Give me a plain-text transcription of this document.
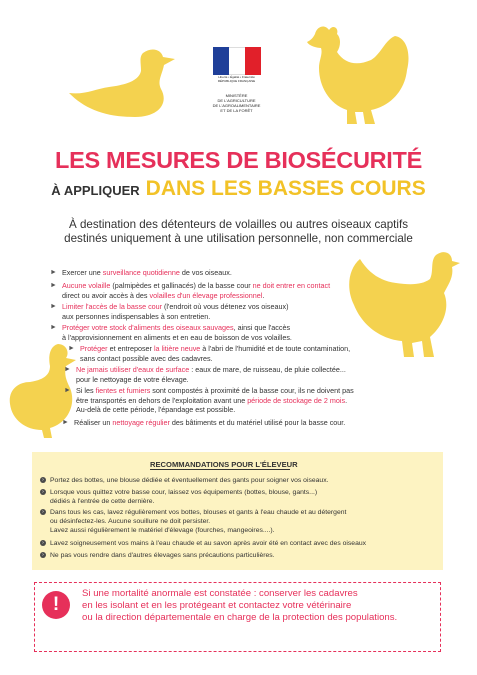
Liberté • Égalité • Fraternité
RÉPUBLIQUE FRANÇAISE
MINISTÈRE
DE L'AGRICULTURE
DE L'AGROALIMENTAIRE
ET DE LA FORÊT
LES MESURES DE BIOSÉCURITÉ
À APPLIQUER DANS LES BASSES COURS
À destination des détenteurs de volailles ou autres oiseaux captifs
destinés uniquement à une utilisation personnelle, non commerciale
► Exercer une surveillance quotidienne de vos oiseaux.
► Aucune volaille (palmipèdes et gallinacés) de la basse cour ne doit entrer en contact
direct ou avoir accès à des volailles d'un élevage professionnel.
► Limiter l'accès de la basse cour (l'endroit où vous détenez vos oiseaux)
aux personnes indispensables à son entretien.
► Protéger votre stock d'aliments des oiseaux sauvages, ainsi que l'accès
à l'approvisionnement en aliments et en eau de boisson de vos volailles.
► Protéger et entreposer la litière neuve à l'abri de l'humidité et de toute contamination,
sans contact possible avec des cadavres.
► Ne jamais utiliser d'eaux de surface : eaux de mare, de ruisseau, de pluie collectée...
pour le nettoyage de votre élevage.
► Si les fientes et fumiers sont compostés à proximité de la basse cour, ils ne doivent pas
être transportés en dehors de l'exploitation avant une période de stockage de 2 mois.
Au-delà de cette période, l'épandage est possible.
► Réaliser un nettoyage régulier des bâtiments et du matériel utilisé pour la basse cour.
RECOMMANDATIONS POUR L'ÉLEVEUR
› Portez des bottes, une blouse dédiée et éventuellement des gants pour soigner vos oiseaux.
› Lorsque vous quittez votre basse cour, laissez vos équipements (bottes, blouse, gants...)
dédiés à l'entrée de cette dernière.
› Dans tous les cas, lavez régulièrement vos bottes, blouses et gants à l'eau chaude et au détergent
ou désinfectez-les. Aucune souillure ne doit persister.
Lavez aussi régulièrement le matériel d'élevage (fourches, mangeoires....).
› Lavez soigneusement vos mains à l'eau chaude et au savon après avoir été en contact avec des oiseaux
› Ne pas vous rendre dans d'autres élevages sans précautions particulières.
!
Si une mortalité anormale est constatée : conserver les cadavres
en les isolant et en les protégeant et contactez votre vétérinaire
ou la direction départementale en charge de la protection des populations.
